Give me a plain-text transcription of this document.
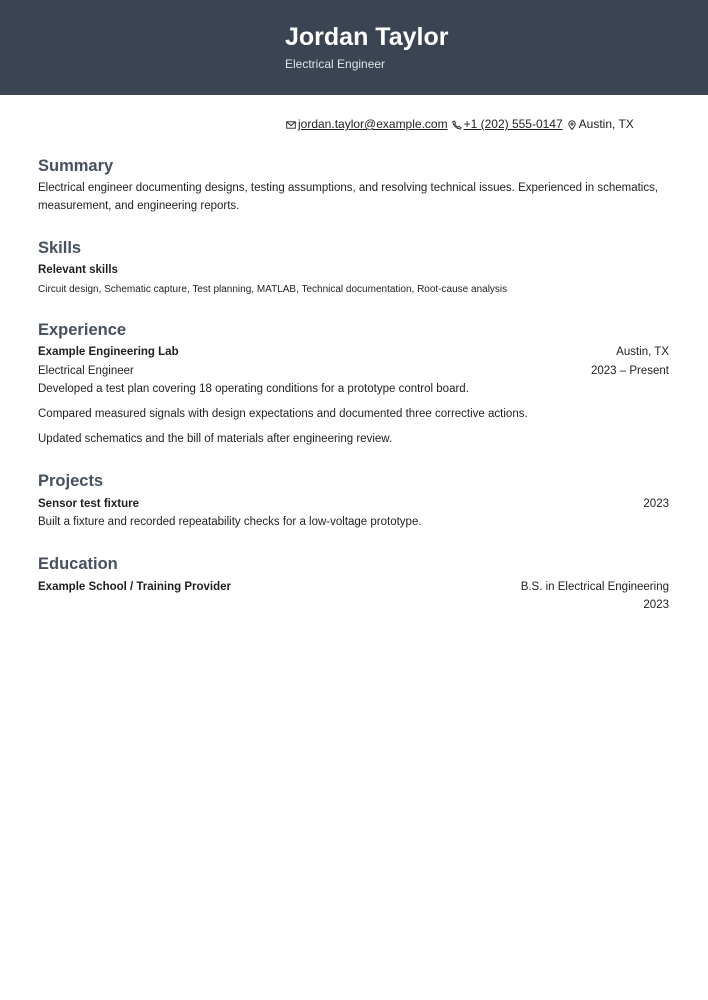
Jordan Taylor
Electrical Engineer
jordan.taylor@example.com +1 (202) 555-0147 Austin, TX
Summary
Electrical engineer documenting designs, testing assumptions, and resolving technical issues. Experienced in schematics, measurement, and engineering reports.
Skills
Relevant skills
Circuit design, Schematic capture, Test planning, MATLAB, Technical documentation, Root-cause analysis
Experience
Example Engineering Lab	Austin, TX
Electrical Engineer	2023 – Present
Developed a test plan covering 18 operating conditions for a prototype control board.
Compared measured signals with design expectations and documented three corrective actions.
Updated schematics and the bill of materials after engineering review.
Projects
Sensor test fixture	2023
Built a fixture and recorded repeatability checks for a low-voltage prototype.
Education
Example School / Training Provider	B.S. in Electrical Engineering
2023
